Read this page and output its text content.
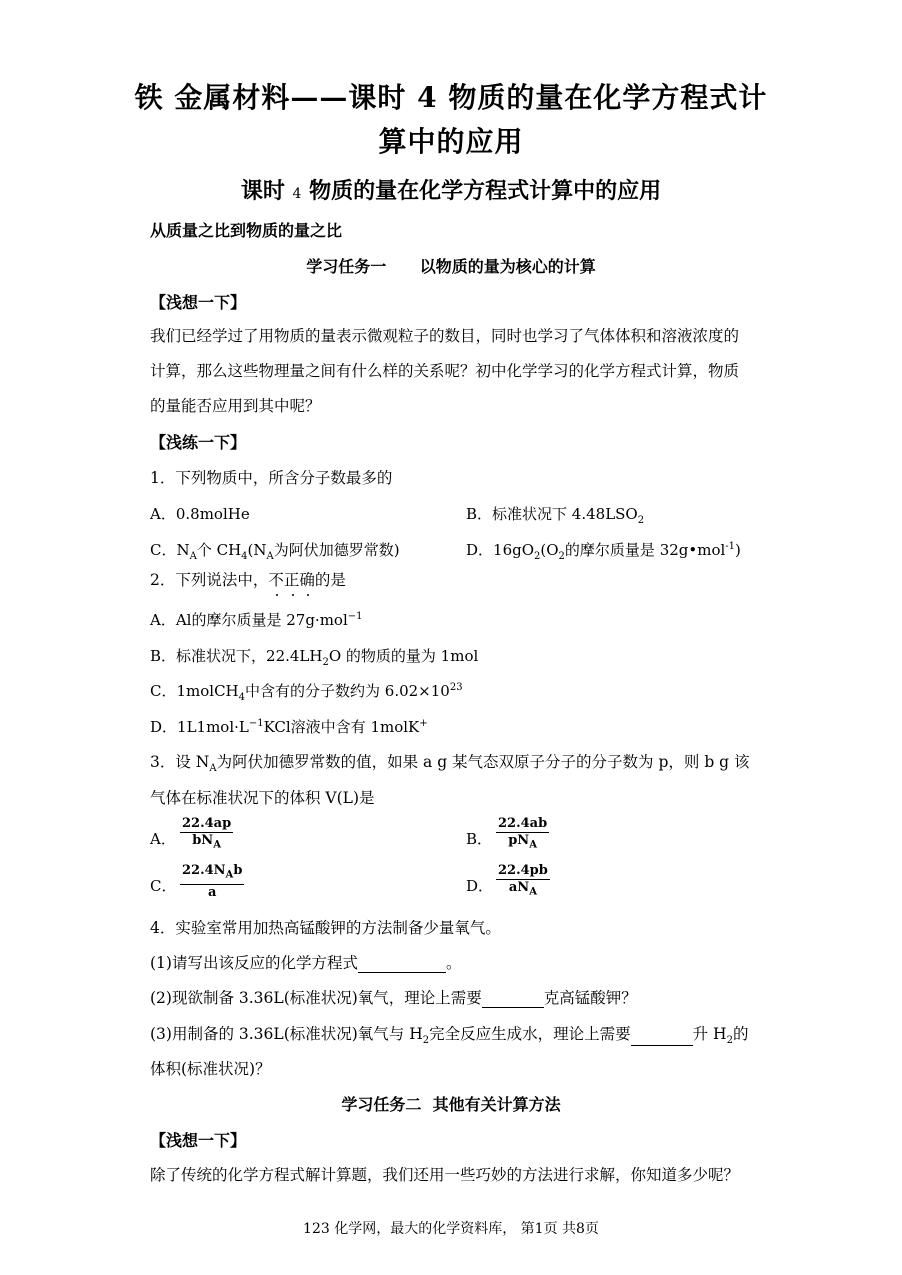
铁 金属材料——课时 4 物质的量在化学方程式计
算中的应用
课时 4 物质的量在化学方程式计算中的应用
从质量之比到物质的量之比
学习任务一      以物质的量为核心的计算
【浅想一下】
我们已经学过了用物质的量表示微观粒子的数目，同时也学习了气体体积和溶液浓度的
计算，那么这些物理量之间有什么样的关系呢？初中化学学习的化学方程式计算，物质
的量能否应用到其中呢？
【浅练一下】
1．下列物质中，所含分子数最多的
A．0.8molHe	B．标准状况下 $4.48LSO_2$
C．$N_A$个 $CH_4(N_A$为阿伏加德罗常数)	D．$16gO_2(O_2$的摩尔质量是 32g•mol$^{-1}$)
2．下列说法中，不正确的是
A．Al的摩尔质量是 27g·mol$^{-1}$
B．标准状况下，$22.4LH_2O$ 的物质的量为 1mol
C．1molCH$_4$中含有的分子数约为 $6.02\times 10^{23}$
D．$1L1mol\cdot L^{-1}KCl$溶液中含有 1molK+
3．设 $N_A$为阿伏加德罗常数的值，如果 a g 某气态双原子分子的分子数为 p，则 b g 该
气体在标准状况下的体积 V(L)是
A．
22.4ap
$bN_A$	B．
22.4ab
$pN_A$
C．
$22.4N_Ab$
a	D．
22.4pb
$aN_A$
4．实验室常用加热高锰酸钾的方法制备少量氧气。
(1)请写出该反应的化学方程式	。
(2)现欲制备 3.36L(标准状况)氧气，理论上需要	克高锰酸钾？
(3)用制备的 3.36L(标准状况)氧气与 $H_2$完全反应生成水，理论上需要	升 $H_2$的
体积(标准状况)？
学习任务二  其他有关计算方法
【浅想一下】
除了传统的化学方程式解计算题，我们还用一些巧妙的方法进行求解，你知道多少呢？
123 化学网，最大的化学资料库， 第1页 共8页
